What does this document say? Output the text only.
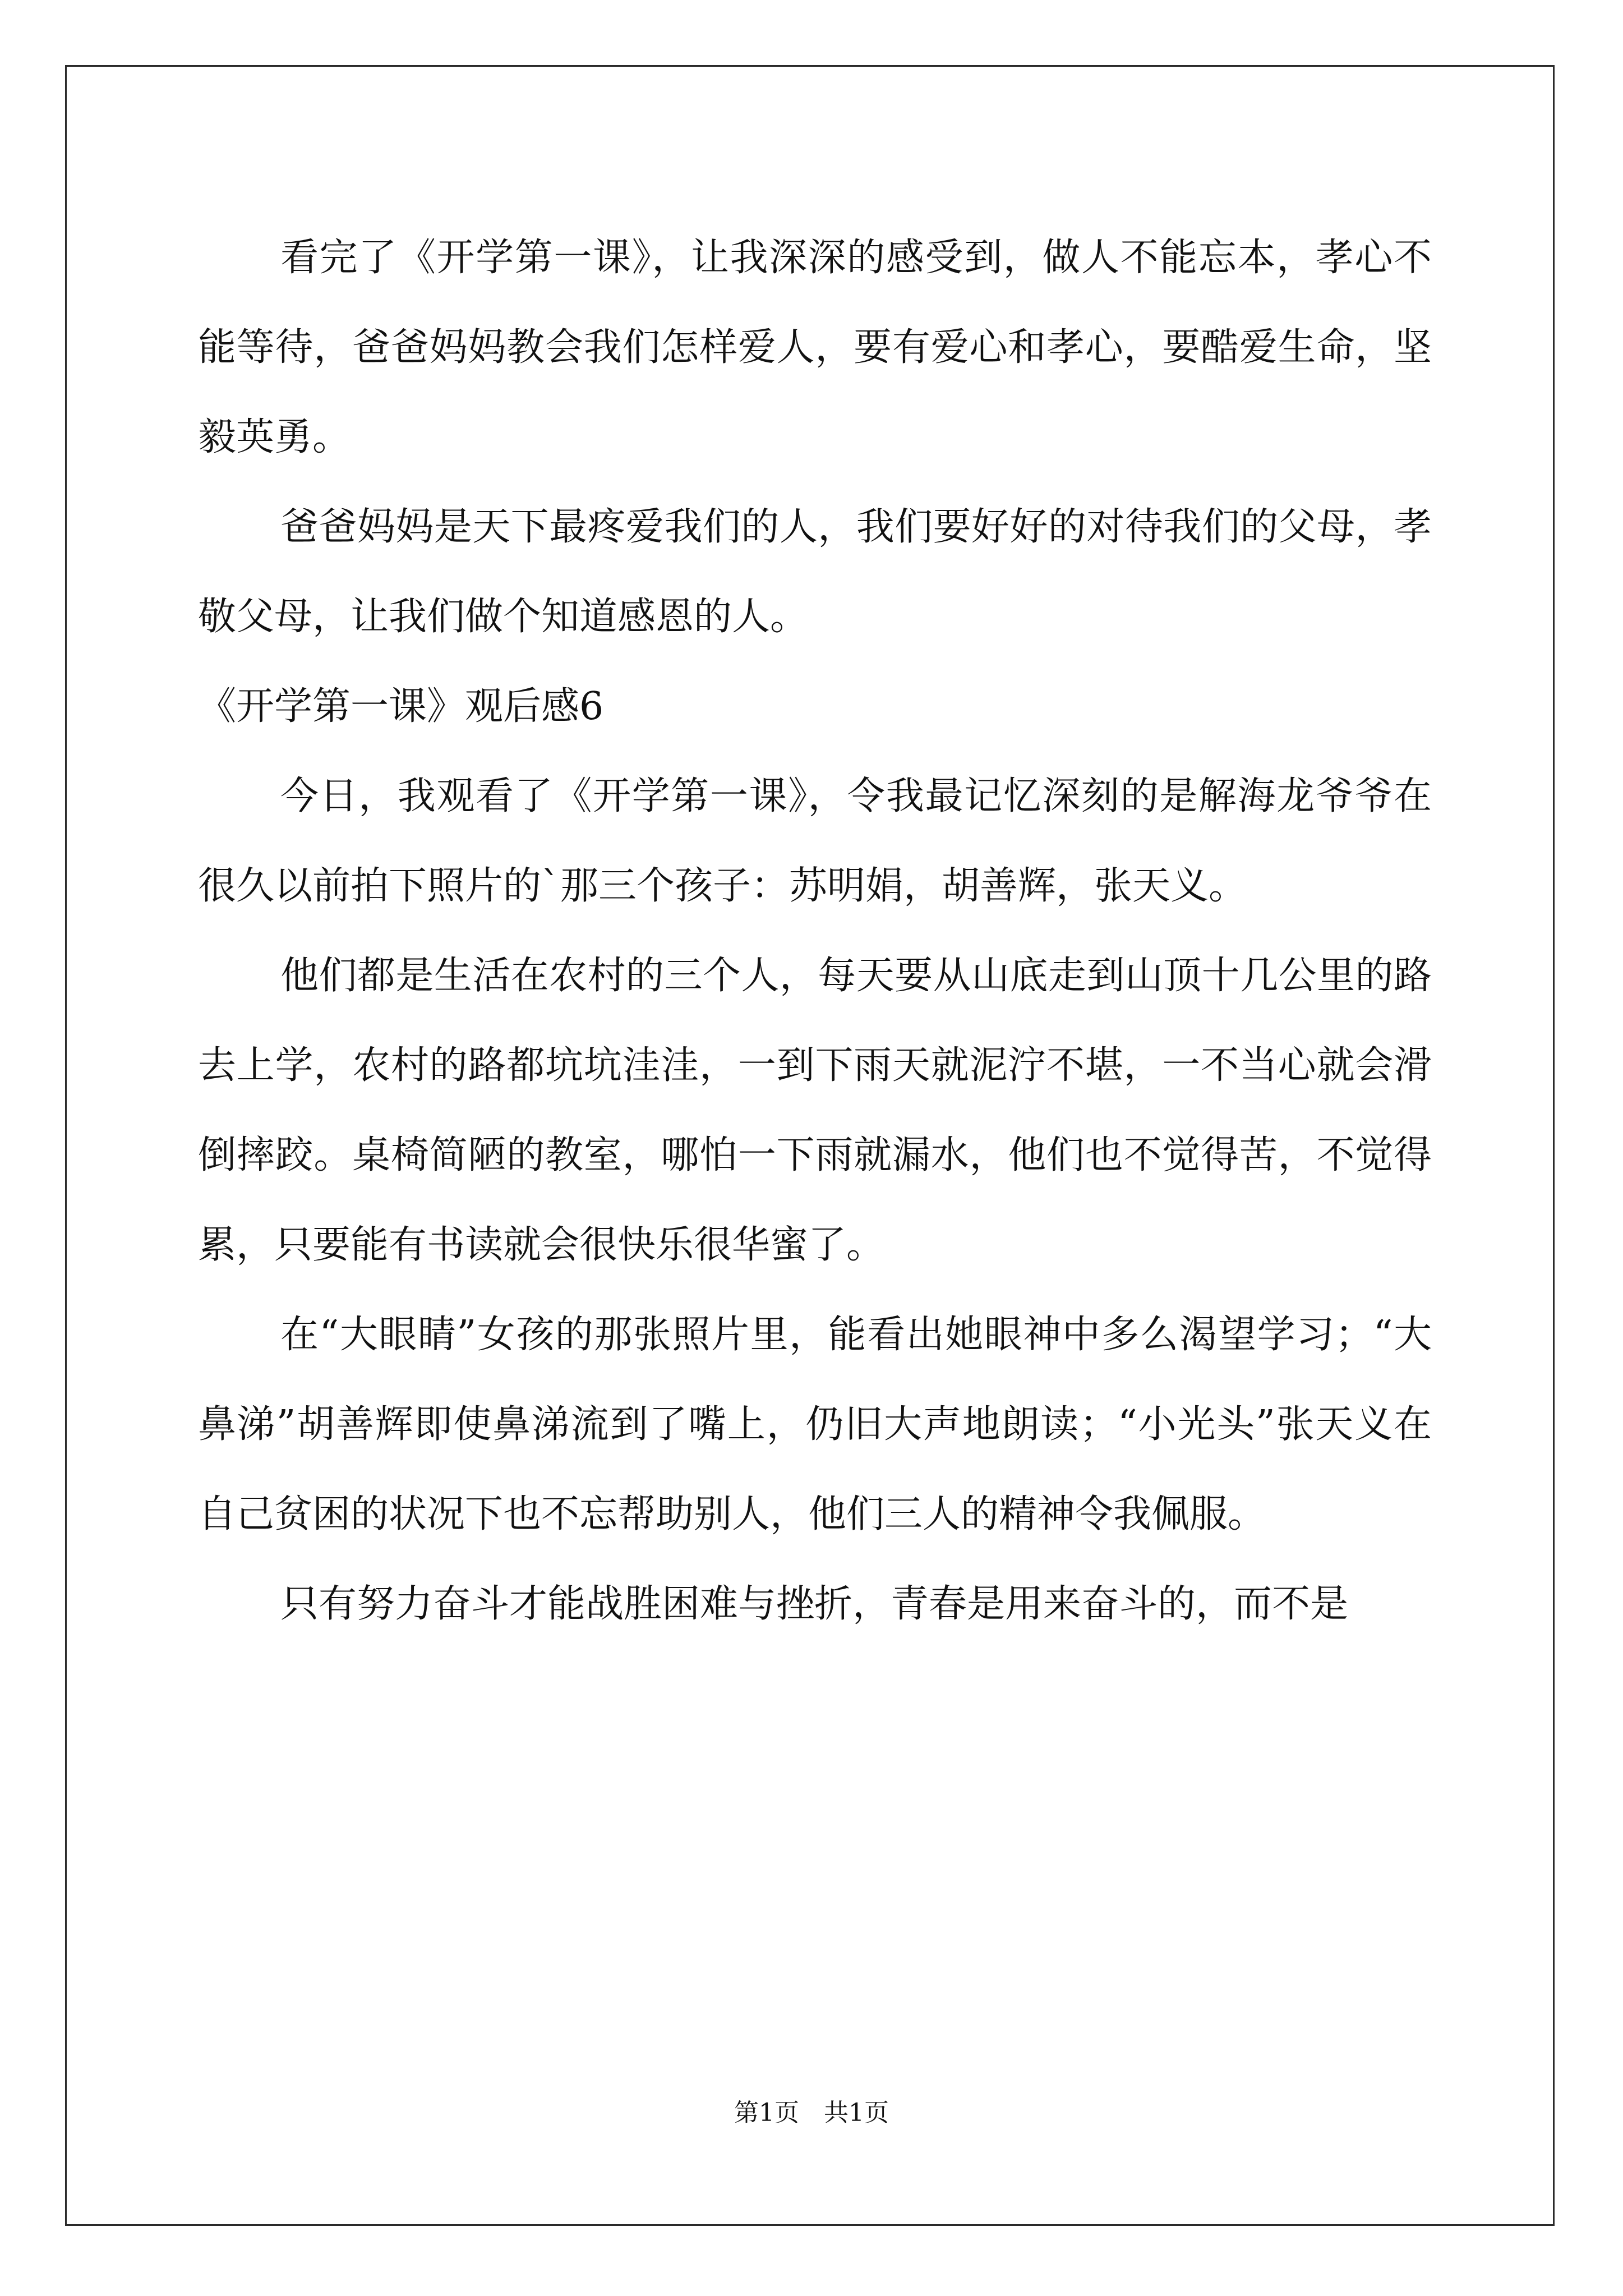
看完了《开学第一课》，让我深深的感受到，做人不能忘本，孝心不能等待，爸爸妈妈教会我们怎样爱人，要有爱心和孝心，要酷爱生命，坚毅英勇。

爸爸妈妈是天下最疼爱我们的人，我们要好好的对待我们的父母，孝敬父母，让我们做个知道感恩的人。

《开学第一课》观后感6

今日，我观看了《开学第一课》，令我最记忆深刻的是解海龙爷爷在很久以前拍下照片的`那三个孩子：苏明娟，胡善辉，张天义。

他们都是生活在农村的三个人，每天要从山底走到山顶十几公里的路去上学，农村的路都坑坑洼洼，一到下雨天就泥泞不堪，一不当心就会滑倒摔跤。桌椅简陋的教室，哪怕一下雨就漏水，他们也不觉得苦，不觉得累，只要能有书读就会很快乐很华蜜了。

在“大眼睛”女孩的那张照片里，能看出她眼神中多么渴望学习；“大鼻涕”胡善辉即使鼻涕流到了嘴上，仍旧大声地朗读；“小光头”张天义在自己贫困的状况下也不忘帮助别人，他们三人的精神令我佩服。

只有努力奋斗才能战胜困难与挫折，青春是用来奋斗的，而不是

第1页　共1页
